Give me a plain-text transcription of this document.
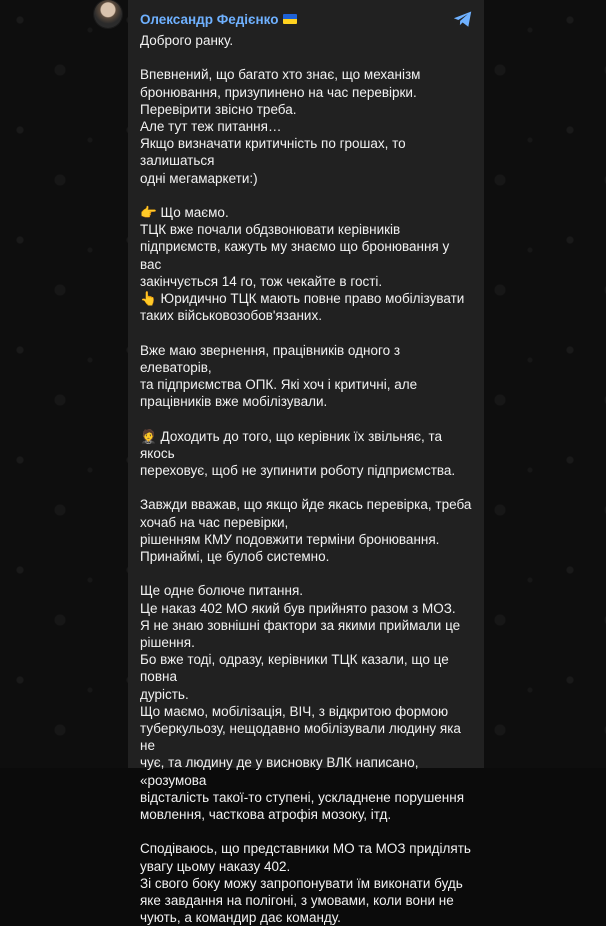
Олександр Федієнко
Доброго ранку.
Впевнений, що багато хто знає, що механізм
бронювання, призупинено на час перевірки.
Перевірити звісно треба.
Але тут теж питання…
Якщо визначати критичність по грошах, то залишаться
одні мегамаркети:)
👉 Що маємо.
ТЦК вже почали обдзвонювати керівників
підприємств, кажуть му знаємо що бронювання у вас
закінчується 14 го, тож чекайте в гості.
👆 Юридично ТЦК мають повне право мобілізувати
таких військовозобов'язаних.
Вже маю звернення, працівників одного з елеваторів,
та підприємства ОПК. Які хоч і критичні, але
працівників вже мобілізували.
🤵 Доходить до того, що керівник їх звільняє, та якось
переховує, щоб не зупинити роботу підприємства.
Завжди вважав, що якщо йде якась перевірка, треба
хочаб на час перевірки,
рішенням КМУ подовжити терміни бронювання.
Принаймі, це булоб системно.
Ще одне болюче питання.
Це наказ 402 МО який був прийнято разом з МОЗ.
Я не знаю зовнішні фактори за якими приймали це
рішення.
Бо вже тоді, одразу, керівники ТЦК казали, що це повна
дурість.
Що маємо, мобілізація, ВІЧ, з відкритою формою
туберкульозу, нещодавно мобілізували людину яка не
чує, та людину де у висновку ВЛК написано, «розумова
відсталість такої-то ступені, ускладнене порушення
мовлення, часткова атрофія мозоку, ітд.
Сподіваюсь, що представники МО та МОЗ приділять
увагу цьому наказу 402.
Зі свого боку можу запропонувати їм виконати будь
яке завдання на полігоні, з умовами, коли вони не
чують, а командир дає команду.
